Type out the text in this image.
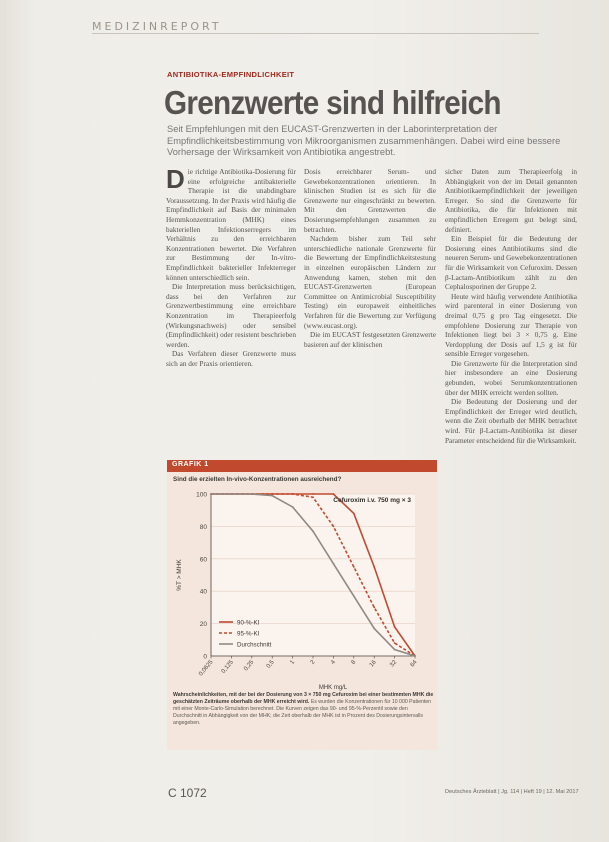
MEDIZINREPORT
ANTIBIOTIKA-EMPFINDLICHKEIT
Grenzwerte sind hilfreich
Seit Empfehlungen mit den EUCAST-Grenzwerten in der Laborinterpretation der Empfindlichkeitsbestimmung von Mikroorganismen zusammenhängen. Dabei wird eine bessere Vorhersage der Wirksamkeit von Antibiotika angestrebt.
D ie richtige Antibiotika-Dosierung für eine erfolgreiche antibakterielle Therapie ist die unabdingbare Voraussetzung. In der Praxis wird häufig die Empfindlichkeit auf Basis der minimalen Hemmkonzentration (MHK) eines bakteriellen Infektionserregers im Verhältnis zu den erreichbaren Konzentrationen bewertet. Die Verfahren zur Bestimmung der In-vitro-Empfindlichkeit bakterieller Infekterreger können unterschiedlich sein.

Die Interpretation muss berücksichtigen, dass bei den Verfahren zur Grenzwertbestimmung eine erreichbare Konzentration im Therapieerfolg (Wirkungsnachweis) oder sensibel (Empfindlichkeit) oder resistent beschrieben werden.

Das Verfahren dieser Grenzwerte muss sich an der Praxis orientieren.

Dosis erreichbarer Serum- und Gewebekonzentrationen orientieren. In klinischen Studien ist es sich für die Grenzwerte nur eingeschränkt zu bewerten. Mit den Grenzwerten die Dosierungsempfehlungen zusammen zu betrachten.

Nachdem bisher zum Teil sehr unterschiedliche nationale Grenzwerte für die Bewertung der Empfindlichkeitstestung in einzelnen europäischen Ländern zur Anwendung kamen, stehen mit den EUCAST-Grenzwerten (European Committee on Antimicrobial Susceptibility Testing) ein europaweit einheitliches Verfahren für die Bewertung zur Verfügung (www.eucast.org).

Die im EUCAST festgesetzten Grenzwerte basieren auf der klinischen

sicher Daten zum Therapieerfolg in Abhängigkeit von der im Detail genannten Antibiotikaempfindlichkeit der jeweiligen Erreger. So sind die Grenzwerte für Antibiotika, die für Infektionen mit empfindlichen Erregern gut belegt sind, definiert.

Ein Beispiel für die Bedeutung der Dosierung eines Antibiotikums sind die neueren Serum- und Gewebekonzentrationen für die Wirksamkeit von Cefuroxim. Dessen β-Lactam-Antibiotikum zählt zu den Cephalosporinen der Gruppe 2.

Heute wird häufig verwendete Antibiotika wird parenteral in einer Dosierung von dreimal 0,75 g pro Tag eingesetzt. Die empfohlene Dosierung zur Therapie von Infektionen liegt bei 3 × 0,75 g. Eine Verdopplung der Dosis auf 1,5 g ist für sensible Erreger vorgesehen.

Die Grenzwerte für die Interpretation sind hier insbesondere an eine Dosierung gebunden, wobei Serumkonzentrationen über der MHK erreicht werden sollten.

Die Bedeutung der Dosierung und der Empfindlichkeit der Erreger wird deutlich, wenn die Zeit oberhalb der MHK betrachtet wird. Für β-Lactam-Antibiotika ist dieser Parameter entscheidend für die Wirksamkeit.

GRAFIK 1
Sind die erzielten In-vivo-Konzentrationen ausreichend?
0
20
40
60
80
100
0,0625 0,125 0,25 0,5 1 2 4 8 16 32 64
MHK mg/L
%T > MHK
Cefuroxim i.v. 750 mg × 3
90-%-KI
95-%-KI
Durchschnitt
Wahrscheinlichkeiten, mit der bei der Dosierung von 3 × 750 mg Cefuroxim bei einer bestimmten MHK die geschätzten Zeiträume oberhalb der MHK erreicht wird. Es wurden die Konzentrationen für 10 000 Patienten mit einer Monte-Carlo-Simulation berechnet. Die Kurven zeigen das 90- und 95-%-Perzentil sowie den Durchschnitt in Abhängigkeit von der MHK; die Zeit oberhalb der MHK ist in Prozent des Dosierungsintervalls angegeben.
C 1072	Deutsches Ärzteblatt | Jg. 114 | Heft 19 | 12. Mai 2017
